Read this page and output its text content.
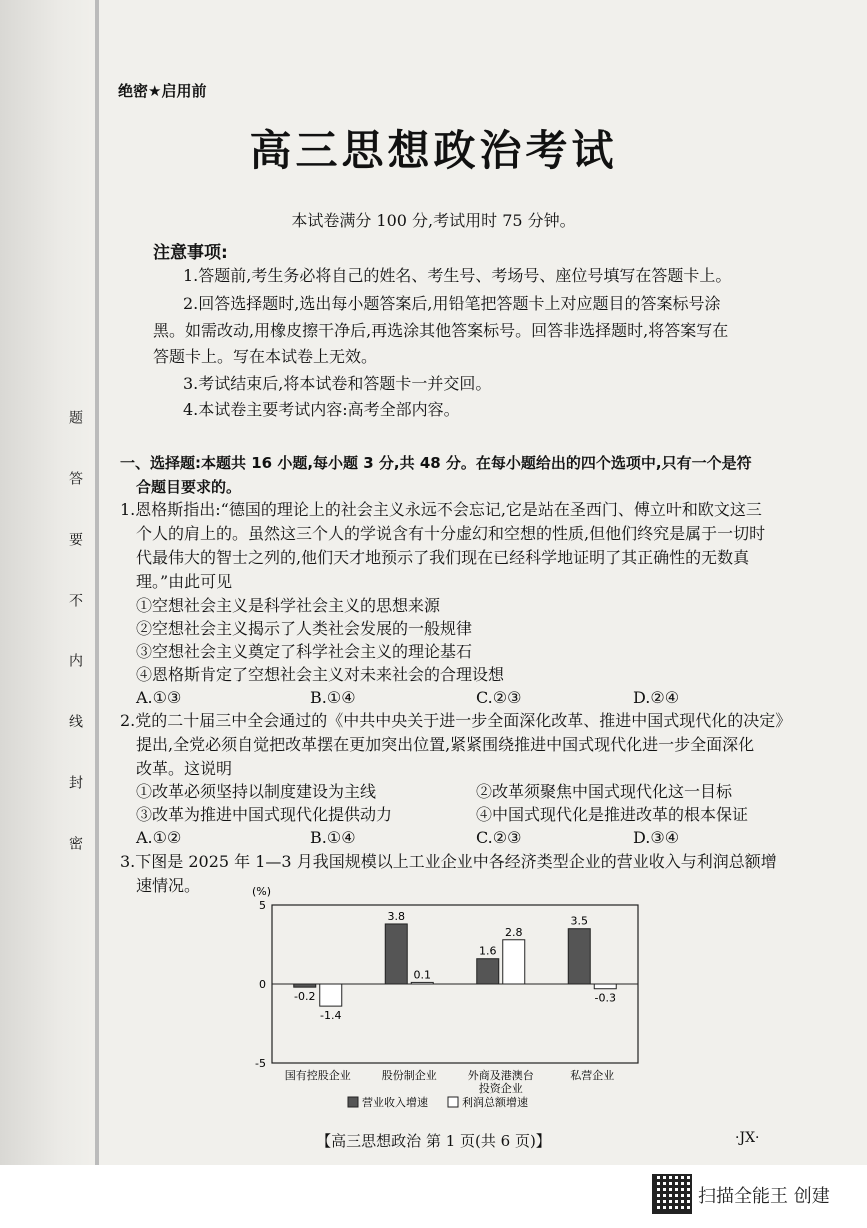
题
答
要
不
内
线
封
密
绝密★启用前
高三思想政治考试
本试卷满分 100 分,考试用时 75 分钟。
注意事项:
1.答题前,考生务必将自己的姓名、考生号、考场号、座位号填写在答题卡上。
2.回答选择题时,选出每小题答案后,用铅笔把答题卡上对应题目的答案标号涂
黑。如需改动,用橡皮擦干净后,再选涂其他答案标号。回答非选择题时,将答案写在
答题卡上。写在本试卷上无效。
3.考试结束后,将本试卷和答题卡一并交回。
4.本试卷主要考试内容:高考全部内容。
一、选择题:本题共 16 小题,每小题 3 分,共 48 分。在每小题给出的四个选项中,只有一个是符
合题目要求的。
1.恩格斯指出:“德国的理论上的社会主义永远不会忘记,它是站在圣西门、傅立叶和欧文这三
个人的肩上的。虽然这三个人的学说含有十分虚幻和空想的性质,但他们终究是属于一切时
代最伟大的智士之列的,他们天才地预示了我们现在已经科学地证明了其正确性的无数真
理。”由此可见
①空想社会主义是科学社会主义的思想来源
②空想社会主义揭示了人类社会发展的一般规律
③空想社会主义奠定了科学社会主义的理论基石
④恩格斯肯定了空想社会主义对未来社会的合理设想
A.①③	B.①④	C.②③	D.②④
2.党的二十届三中全会通过的《中共中央关于进一步全面深化改革、推进中国式现代化的决定》
提出,全党必须自觉把改革摆在更加突出位置,紧紧围绕推进中国式现代化进一步全面深化
改革。这说明
①改革必须坚持以制度建设为主线	②改革须聚焦中国式现代化这一目标
③改革为推进中国式现代化提供动力	④中国式现代化是推进改革的根本保证
A.①②	B.①④	C.②③	D.③④
3.下图是 2025 年 1—3 月我国规模以上工业企业中各经济类型企业的营业收入与利润总额增
速情况。	(%)
5
0
-5
-0.2
-1.4
国有控股企业
3.8
0.1
股份制企业
1.6
2.8
外商及港澳台
投资企业
3.5
-0.3
私营企业
营业收入增速	利润总额增速
【高三思想政治 第 1 页(共 6 页)】	·JX·
扫描全能王 创建
